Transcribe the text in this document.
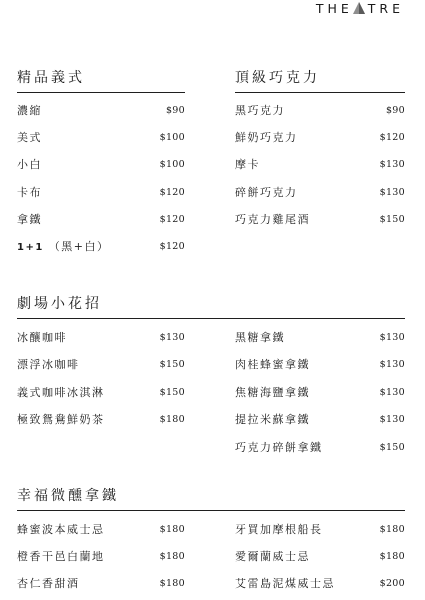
THE TRE
精品義式
濃縮	$90
美式	$100
小白	$100
卡布	$120
拿鐵	$120
1+1 （黑+白）	$120
頂級巧克力
黑巧克力	$90
鮮奶巧克力	$120
摩卡	$130
碎餅巧克力	$130
巧克力雞尾酒	$150
劇場小花招
冰釀咖啡	$130
漂浮冰咖啡	$150
義式咖啡冰淇淋	$150
極致鴛鴦鮮奶茶	$180
黑糖拿鐵	$130
肉桂蜂蜜拿鐵	$130
焦糖海鹽拿鐵	$130
提拉米蘇拿鐵	$130
巧克力碎餅拿鐵	$150
幸福微醺拿鐵
蜂蜜波本威士忌	$180
橙香干邑白蘭地	$180
杏仁香甜酒	$180
牙買加摩根船長	$180
愛爾蘭威士忌	$180
艾雷島泥煤威士忌	$200
